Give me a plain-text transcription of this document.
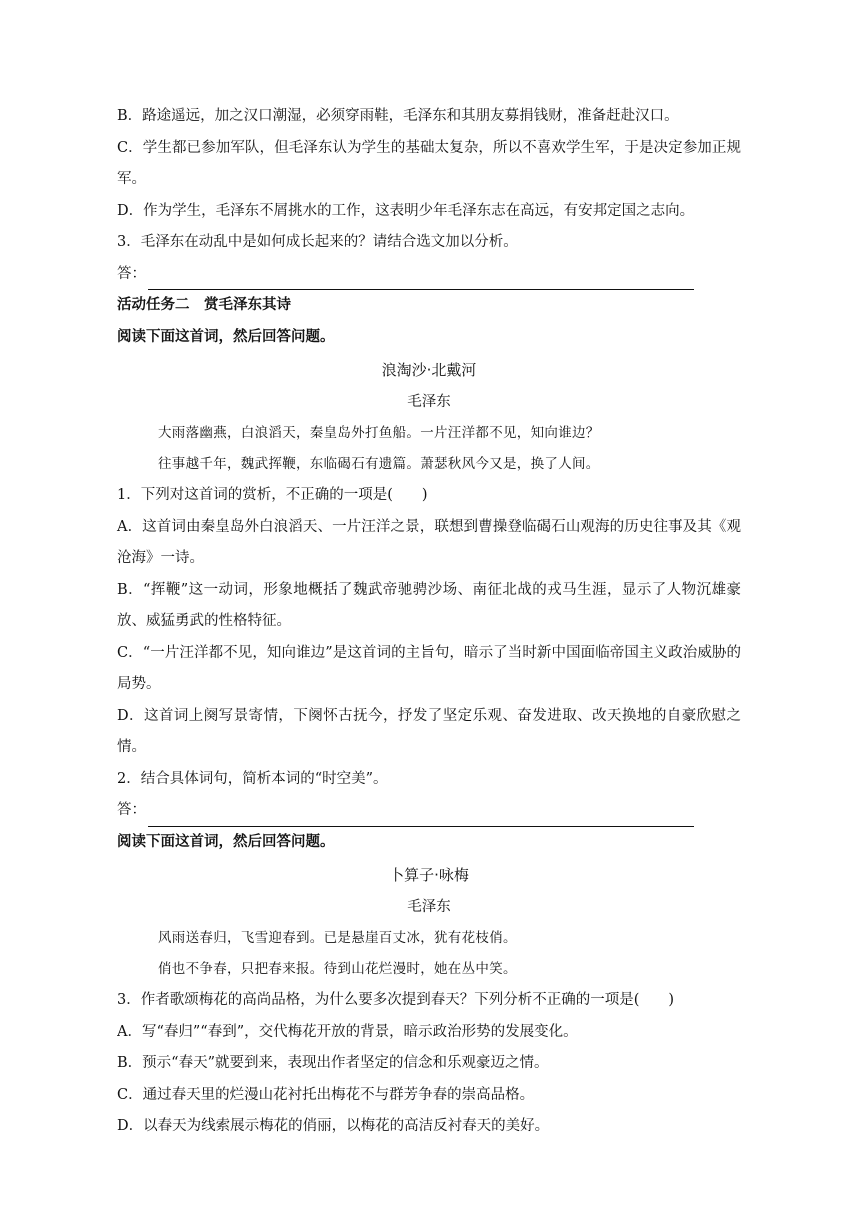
B．路途遥远，加之汉口潮湿，必须穿雨鞋，毛泽东和其朋友募捐钱财，准备赶赴汉口。
C．学生都已参加军队，但毛泽东认为学生的基础太复杂，所以不喜欢学生军，于是决定参加正规军。
D．作为学生，毛泽东不屑挑水的工作，这表明少年毛泽东志在高远，有安邦定国之志向。
3．毛泽东在动乱中是如何成长起来的？请结合选文加以分析。
答：
活动任务二　赏毛泽东其诗
阅读下面这首词，然后回答问题。
浪淘沙·北戴河
毛泽东
大雨落幽燕，白浪滔天，秦皇岛外打鱼船。一片汪洋都不见，知向谁边？
往事越千年，魏武挥鞭，东临碣石有遗篇。萧瑟秋风今又是，换了人间。
1．下列对这首词的赏析，不正确的一项是(　　)
A．这首词由秦皇岛外白浪滔天、一片汪洋之景，联想到曹操登临碣石山观海的历史往事及其《观沧海》一诗。
B．“挥鞭”这一动词，形象地概括了魏武帝驰骋沙场、南征北战的戎马生涯，显示了人物沉雄豪放、威猛勇武的性格特征。
C．“一片汪洋都不见，知向谁边”是这首词的主旨句，暗示了当时新中国面临帝国主义政治威胁的局势。
D．这首词上阕写景寄情，下阕怀古抚今，抒发了坚定乐观、奋发进取、改天换地的自豪欣慰之情。
2．结合具体词句，简析本词的“时空美”。
答：
阅读下面这首词，然后回答问题。
卜算子·咏梅
毛泽东
风雨送春归，飞雪迎春到。已是悬崖百丈冰，犹有花枝俏。
俏也不争春，只把春来报。待到山花烂漫时，她在丛中笑。
3．作者歌颂梅花的高尚品格，为什么要多次提到春天？下列分析不正确的一项是(　　)
A．写“春归”“春到”，交代梅花开放的背景，暗示政治形势的发展变化。
B．预示“春天”就要到来，表现出作者坚定的信念和乐观豪迈之情。
C．通过春天里的烂漫山花衬托出梅花不与群芳争春的崇高品格。
D．以春天为线索展示梅花的俏丽，以梅花的高洁反衬春天的美好。
